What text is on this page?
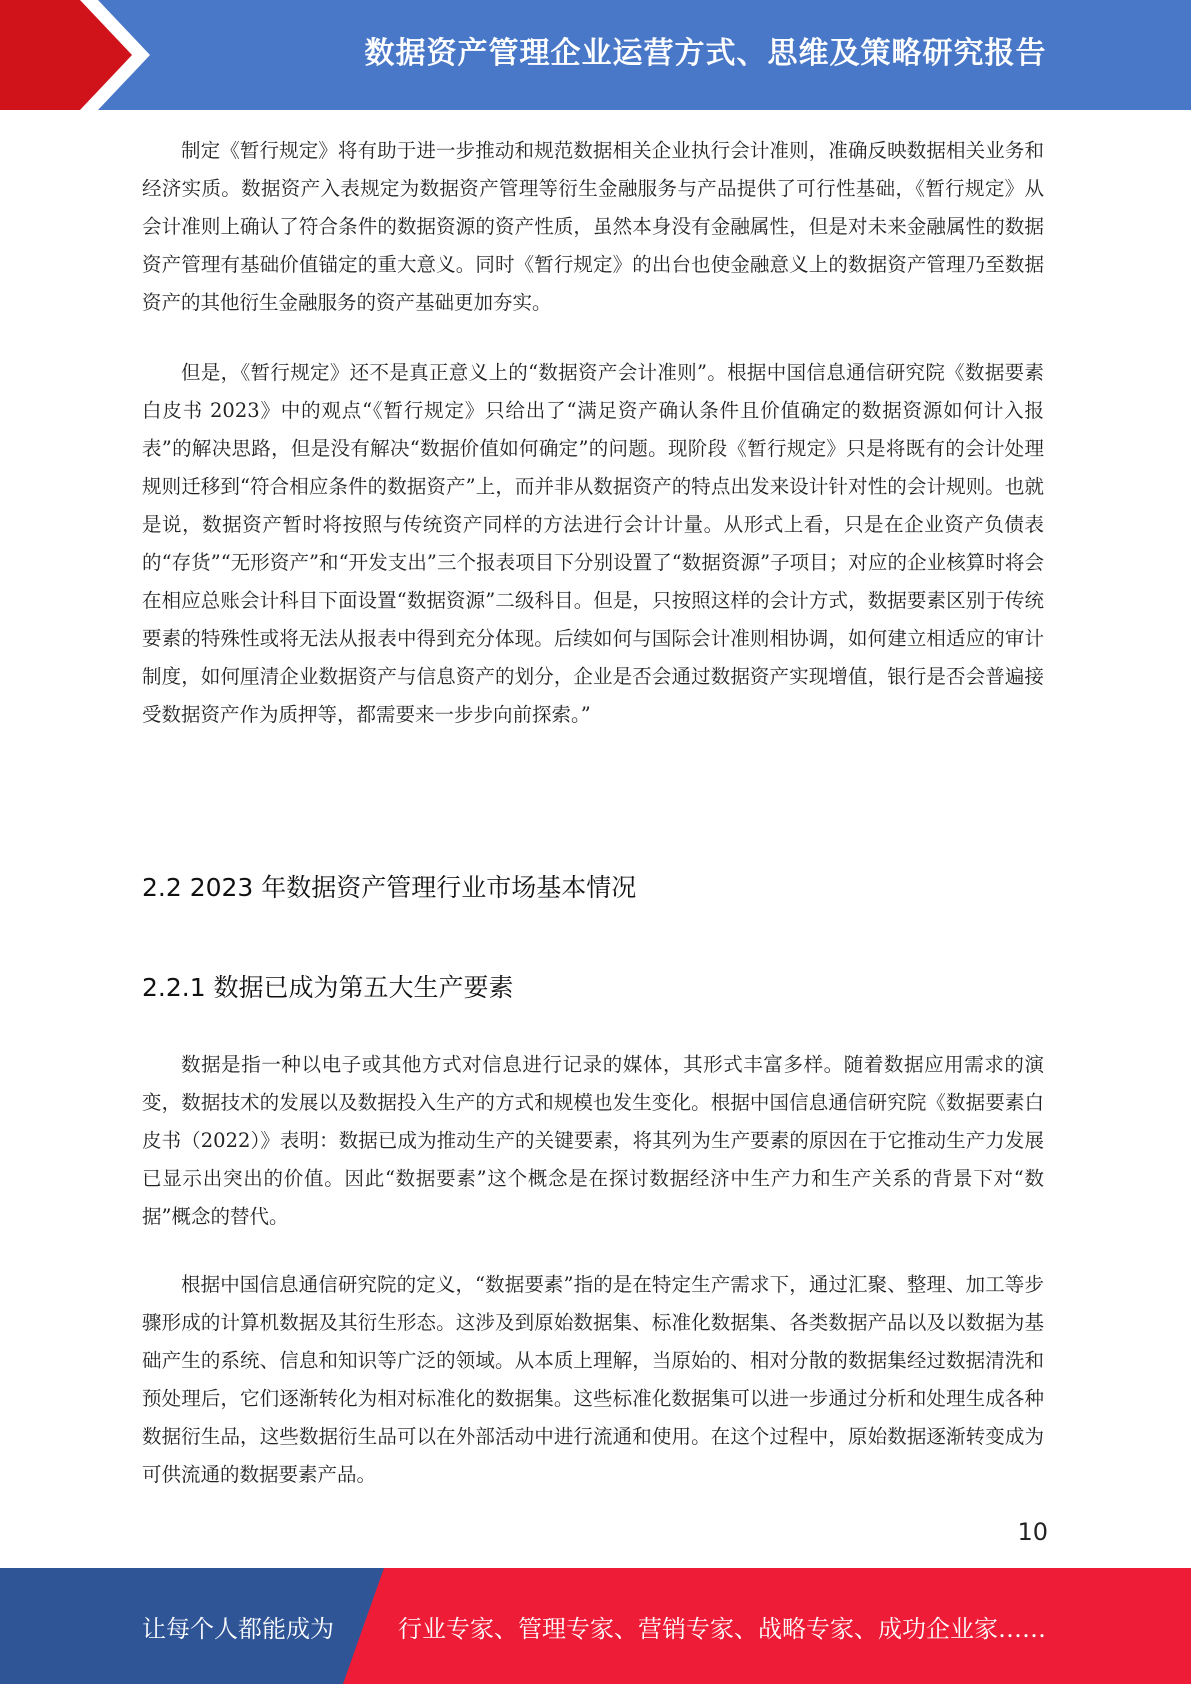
数据资产管理企业运营方式、思维及策略研究报告

制定《暂行规定》将有助于进一步推动和规范数据相关企业执行会计准则，准确反映数据相关业务和经济实质。数据资产入表规定为数据资产管理等衍生金融服务与产品提供了可行性基础，《暂行规定》从会计准则上确认了符合条件的数据资源的资产性质，虽然本身没有金融属性，但是对未来金融属性的数据资产管理有基础价值锚定的重大意义。同时《暂行规定》的出台也使金融意义上的数据资产管理乃至数据资产的其他衍生金融服务的资产基础更加夯实。

但是，《暂行规定》还不是真正意义上的“数据资产会计准则”。根据中国信息通信研究院《数据要素白皮书 2023》中的观点“《暂行规定》只给出了“满足资产确认条件且价值确定的数据资源如何计入报表”的解决思路，但是没有解决“数据价值如何确定”的问题。现阶段《暂行规定》只是将既有的会计处理规则迁移到“符合相应条件的数据资产”上，而并非从数据资产的特点出发来设计针对性的会计规则。也就是说，数据资产暂时将按照与传统资产同样的方法进行会计计量。从形式上看，只是在企业资产负债表的“存货”“无形资产”和“开发支出”三个报表项目下分别设置了“数据资源”子项目；对应的企业核算时将会在相应总账会计科目下面设置“数据资源”二级科目。但是，只按照这样的会计方式，数据要素区别于传统要素的特殊性或将无法从报表中得到充分体现。后续如何与国际会计准则相协调，如何建立相适应的审计制度，如何厘清企业数据资产与信息资产的划分，企业是否会通过数据资产实现增值，银行是否会普遍接受数据资产作为质押等，都需要来一步步向前探索。”

2.2 2023 年数据资产管理行业市场基本情况
2.2.1 数据已成为第五大生产要素

数据是指一种以电子或其他方式对信息进行记录的媒体，其形式丰富多样。随着数据应用需求的演变，数据技术的发展以及数据投入生产的方式和规模也发生变化。根据中国信息通信研究院《数据要素白皮书（2022）》表明：数据已成为推动生产的关键要素，将其列为生产要素的原因在于它推动生产力发展已显示出突出的价值。因此“数据要素”这个概念是在探讨数据经济中生产力和生产关系的背景下对“数据”概念的替代。

根据中国信息通信研究院的定义，“数据要素”指的是在特定生产需求下，通过汇聚、整理、加工等步骤形成的计算机数据及其衍生形态。这涉及到原始数据集、标准化数据集、各类数据产品以及以数据为基础产生的系统、信息和知识等广泛的领域。从本质上理解，当原始的、相对分散的数据集经过数据清洗和预处理后，它们逐渐转化为相对标准化的数据集。这些标准化数据集可以进一步通过分析和处理生成各种数据衍生品，这些数据衍生品可以在外部活动中进行流通和使用。在这个过程中，原始数据逐渐转变成为可供流通的数据要素产品。

10
让每个人都能成为	行业专家、管理专家、营销专家、战略专家、成功企业家……
